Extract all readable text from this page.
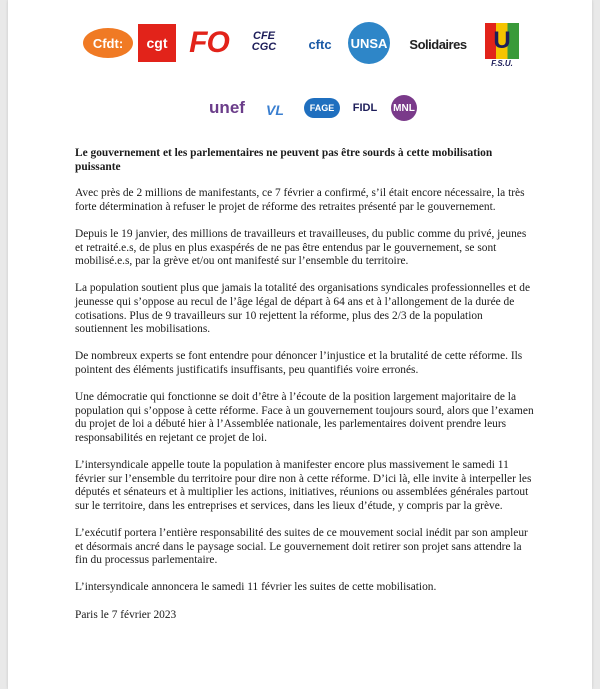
Cfdt:	cgt FO	CFE CGC	cftc	UNSA	Solidaires	U
F.S.U.
unef	VL	FAGE	FIDL MNL
Le gouvernement et les parlementaires ne peuvent pas être sourds à cette mobilisation puissante

Avec près de 2 millions de manifestants, ce 7 février a confirmé, s’il était encore nécessaire, la très forte détermination à refuser le projet de réforme des retraites présenté par le gouvernement.

Depuis le 19 janvier, des millions de travailleurs et travailleuses, du public comme du privé, jeunes et retraité.e.s, de plus en plus exaspérés de ne pas être entendus par le gouvernement, se sont mobilisé.e.s, par la grève et/ou ont manifesté sur l’ensemble du territoire.

La population soutient plus que jamais la totalité des organisations syndicales professionnelles et de jeunesse qui s’oppose au recul de l’âge légal de départ à 64 ans et à l’allongement de la durée de cotisations. Plus de 9 travailleurs sur 10 rejettent la réforme, plus des 2/3 de la population soutiennent les mobilisations.

De nombreux experts se font entendre pour dénoncer l’injustice et la brutalité de cette réforme. Ils pointent des éléments justificatifs insuffisants, peu quantifiés voire erronés.

Une démocratie qui fonctionne se doit d’être à l’écoute de la position largement majoritaire de la population qui s’oppose à cette réforme. Face à un gouvernement toujours sourd, alors que l’examen du projet de loi a débuté hier à l’Assemblée nationale, les parlementaires doivent prendre leurs responsabilités en rejetant ce projet de loi.

L’intersyndicale appelle toute la population à manifester encore plus massivement le samedi 11 février sur l’ensemble du territoire pour dire non à cette réforme. D’ici là, elle invite à interpeller les députés et sénateurs et à multiplier les actions, initiatives, réunions ou assemblées générales partout sur le territoire, dans les entreprises et services, dans les lieux d’étude, y compris par la grève.

L’exécutif portera l’entière responsabilité des suites de ce mouvement social inédit par son ampleur et désormais ancré dans le paysage social. Le gouvernement doit retirer son projet sans attendre la fin du processus parlementaire.

L’intersyndicale annoncera le samedi 11 février les suites de cette mobilisation.

Paris le 7 février 2023
